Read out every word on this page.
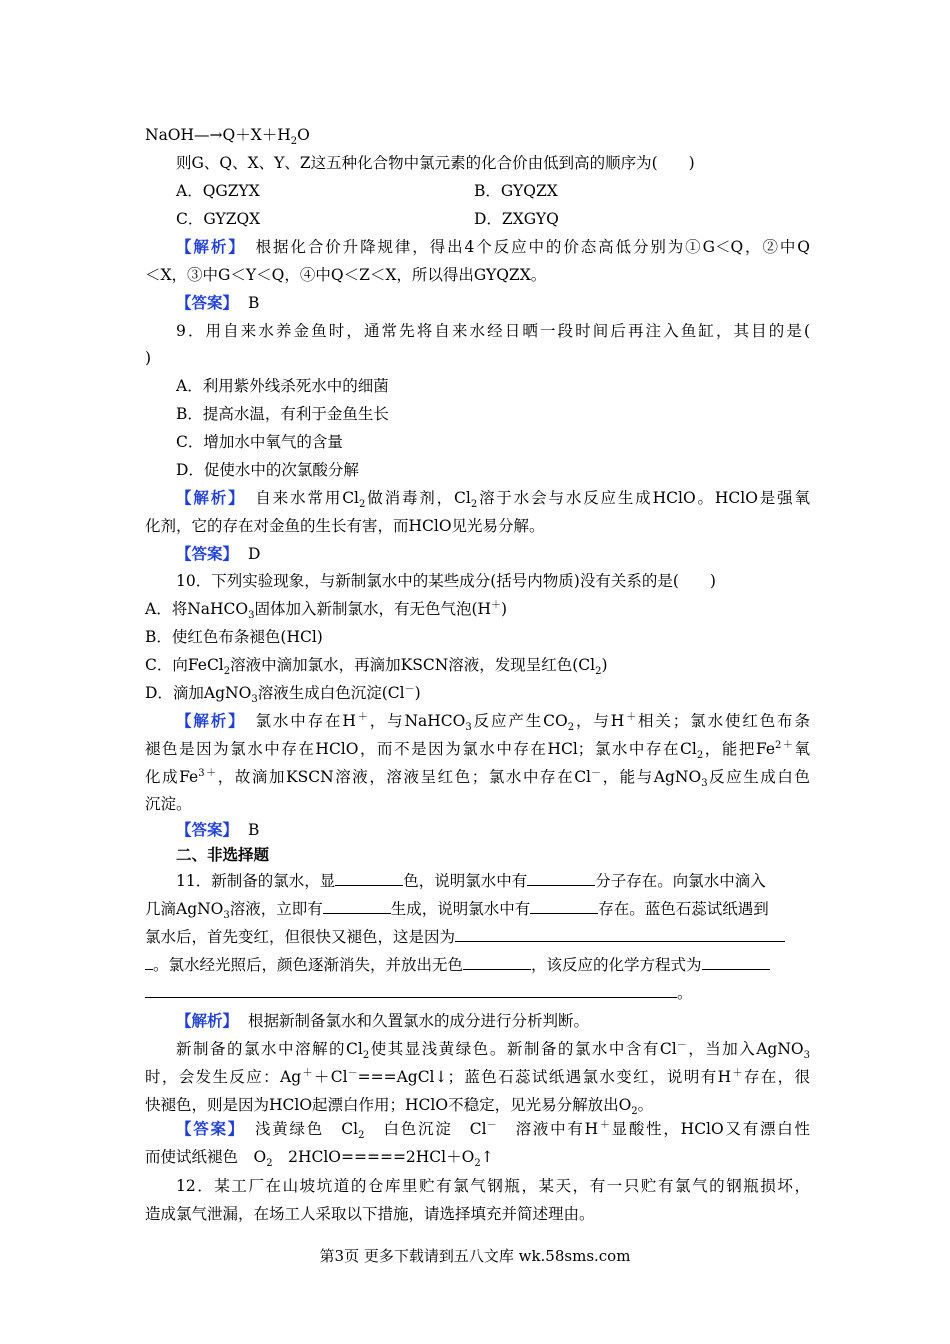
$NaOH—\to Q+X+H_2O$
则G、Q、X、Y、Z这五种化合物中氯元素的化合价由低到高的顺序为(　　)
A．QGZYX	B．GYQZX
C．GYZQX	D．ZXGYQ
【解析】 根据化合价升降规律，得出4个反应中的价态高低分别为①G＜Q，②中Q
＜X，③中G＜Y＜Q，④中Q＜Z＜X，所以得出GYQZX。
【答案】 B
9．用自来水养金鱼时，通常先将自来水经日晒一段时间后再注入鱼缸，其目的是(
)
A．利用紫外线杀死水中的细菌
B．提高水温，有利于金鱼生长
C．增加水中氧气的含量
D．促使水中的次氯酸分解
【解析】 自来水常用$Cl_2$做消毒剂，$Cl_2$溶于水会与水反应生成HClO。HClO是强氧
化剂，它的存在对金鱼的生长有害，而HClO见光易分解。
【答案】 D
10．下列实验现象，与新制氯水中的某些成分(括号内物质)没有关系的是(　　)
A．将NaHCO$_3$固体加入新制氯水，有无色气泡(H＋)
B．使红色布条褪色(HCl)
C．向FeCl$_2$溶液中滴加氯水，再滴加KSCN溶液，发现呈红色$(Cl_2)$
D．滴加AgNO$_3$溶液生成白色沉淀(Cl－)
【解析】 氯水中存在H＋，与NaHCO$_3$反应产生$CO_2$，与H＋相关；氯水使红色布条
褪色是因为氯水中存在HClO，而不是因为氯水中存在HCl；氯水中存在$Cl_2$，能把$Fe^{2+}$氧
化成$Fe^{3+}$，故滴加KSCN溶液，溶液呈红色；氯水中存在Cl－，能与AgNO$_3$反应生成白色
沉淀。
【答案】 B
二、非选择题
11．新制备的氯水，显	色，说明氯水中有	分子存在。向氯水中滴入
几滴AgNO$_3$溶液，立即有	生成，说明氯水中有	存在。蓝色石蕊试纸遇到
氯水后，首先变红，但很快又褪色，这是因为
。氯水经光照后，颜色逐渐消失，并放出无色	，该反应的化学方程式为
。
【解析】 根据新制备氯水和久置氯水的成分进行分析判断。
新制备的氯水中溶解的$Cl_2$使其显浅黄绿色。新制备的氯水中含有Cl－，当加入AgNO$_3$
时，会发生反应：Ag＋＋Cl－===AgCl↓；蓝色石蕊试纸遇氯水变红，说明有H＋存在，很
快褪色，则是因为HClO起漂白作用；HClO不稳定，见光易分解放出$O_2$。
【答案】 浅黄绿色　$Cl_2$　白色沉淀　Cl－　溶液中有H＋显酸性，HClO又有漂白性
而使试纸褪色　$O_2$　$2HClO=====2HCl+O_2↑$
12．某工厂在山坡坑道的仓库里贮有氯气钢瓶，某天，有一只贮有氯气的钢瓶损坏，
造成氯气泄漏，在场工人采取以下措施，请选择填充并简述理由。
第3页 更多下载请到五八文库 wk.58sms.com
